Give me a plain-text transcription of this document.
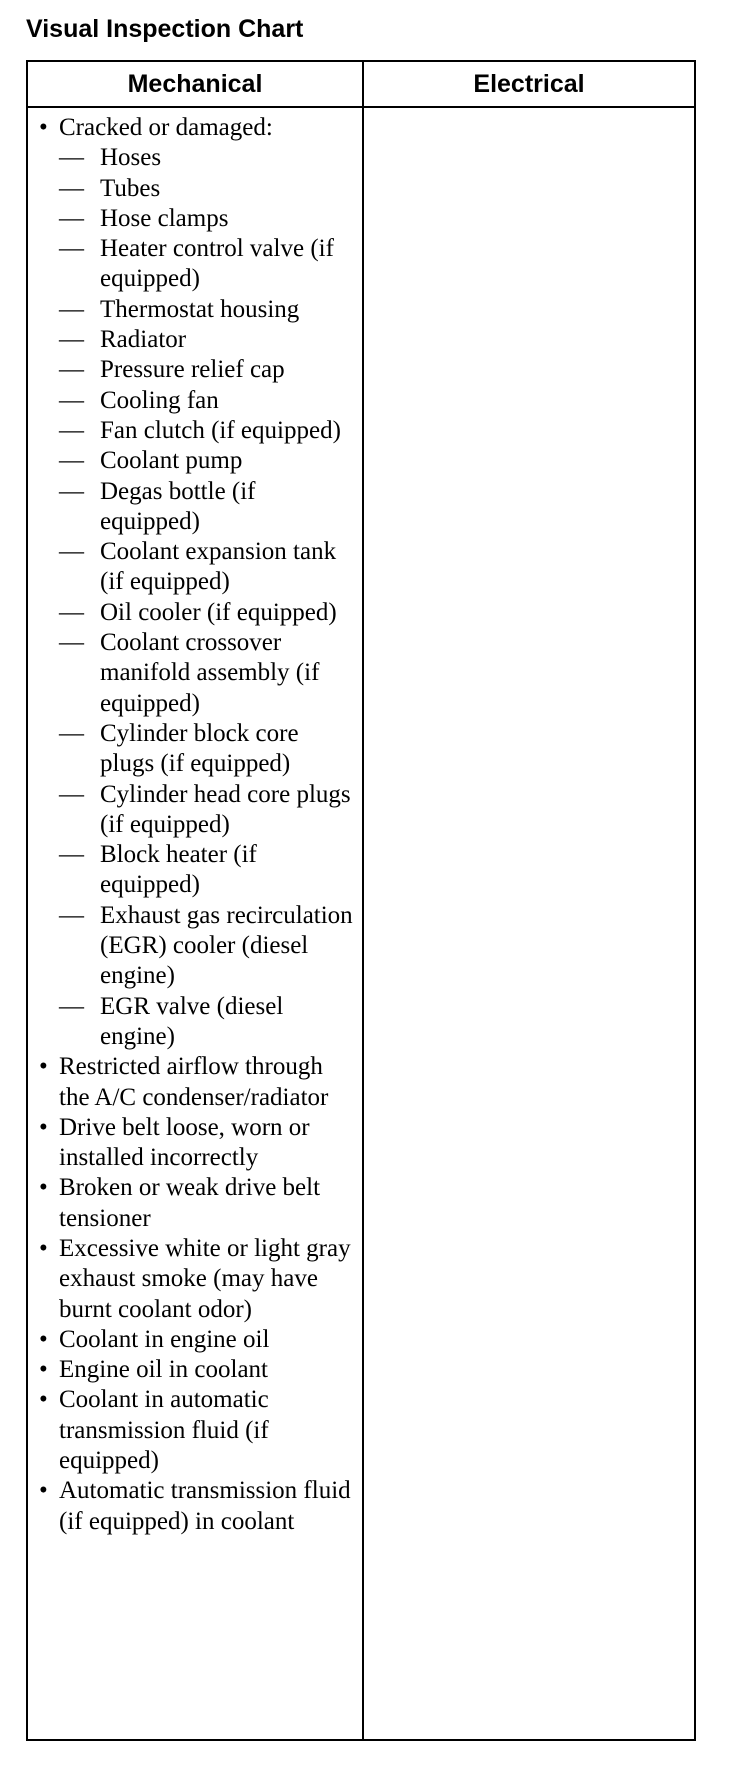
Visual Inspection Chart
Mechanical	Electrical
• Cracked or damaged:
— Hoses
— Tubes
— Hose clamps
— Heater control valve (if equipped)
— Thermostat housing
— Radiator
— Pressure relief cap
— Cooling fan
— Fan clutch (if equipped)
— Coolant pump
— Degas bottle (if equipped)
— Coolant expansion tank (if equipped)
— Oil cooler (if equipped)
— Coolant crossover manifold assembly (if equipped)
— Cylinder block core plugs (if equipped)
— Cylinder head core plugs (if equipped)
— Block heater (if equipped)
— Exhaust gas recirculation (EGR) cooler (diesel engine)
— EGR valve (diesel engine)
• Restricted airflow through the A/C condenser/radiator
• Drive belt loose, worn or installed incorrectly
• Broken or weak drive belt tensioner
• Excessive white or light gray exhaust smoke (may have burnt coolant odor)
• Coolant in engine oil
• Engine oil in coolant
• Coolant in automatic transmission fluid (if equipped)
• Automatic transmission fluid (if equipped) in coolant
